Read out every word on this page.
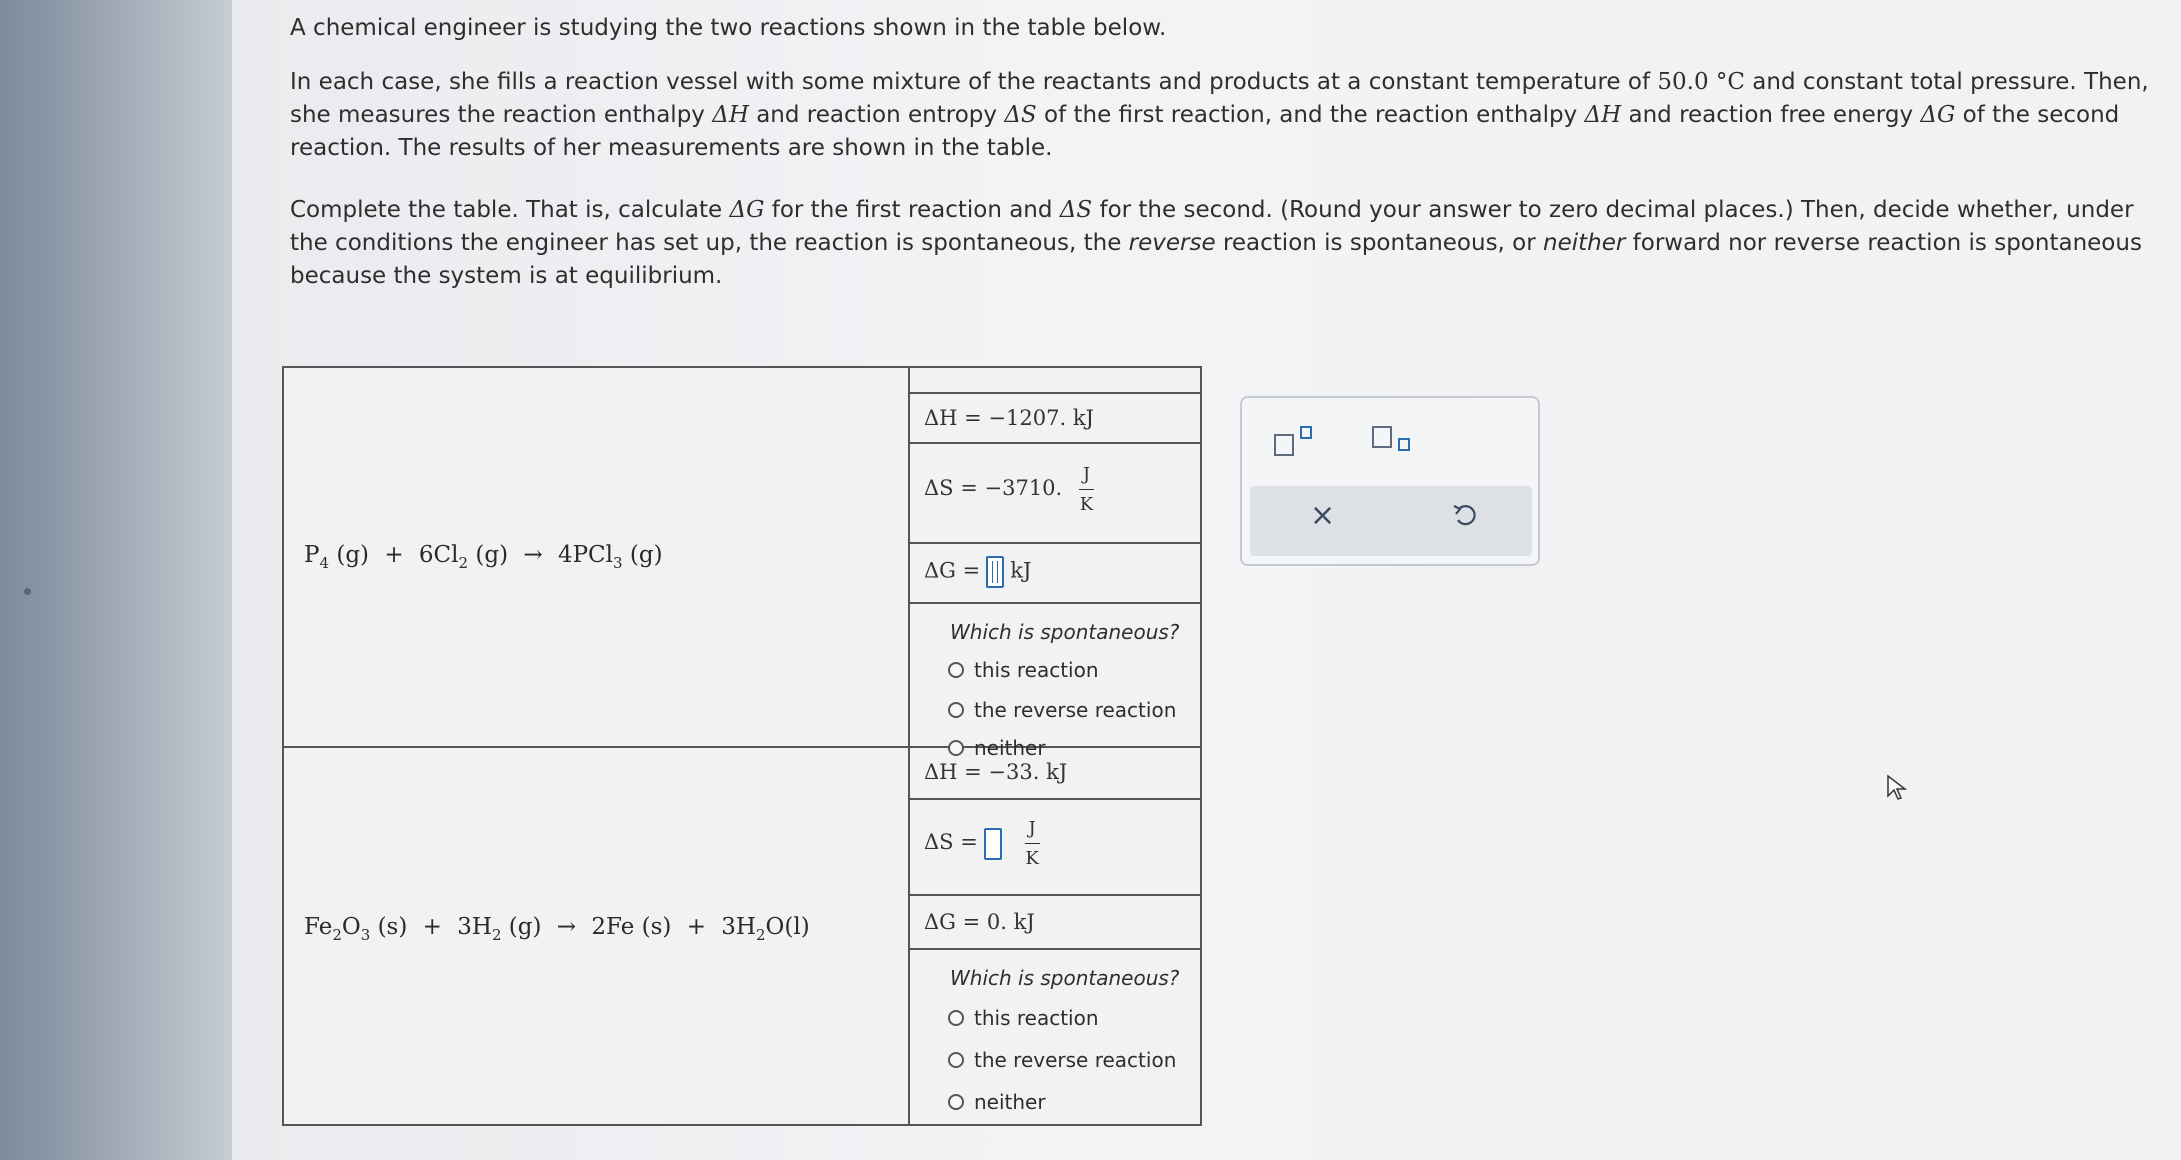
A chemical engineer is studying the two reactions shown in the table below.
In each case, she fills a reaction vessel with some mixture of the reactants and products at a constant temperature of 50.0 °C and constant total pressure. Then, she measures the reaction enthalpy ΔH and reaction entropy ΔS of the first reaction, and the reaction enthalpy ΔH and reaction free energy ΔG of the second reaction. The results of her measurements are shown in the table.
Complete the table. That is, calculate ΔG for the first reaction and ΔS for the second. (Round your answer to zero decimal places.) Then, decide whether, under the conditions the engineer has set up, the reaction is spontaneous, the reverse reaction is spontaneous, or neither forward nor reverse reaction is spontaneous because the system is at equilibrium.
$P_4$ $(g) + 6Cl_2$ (g) → 4PCl$_3$ (g)
ΔH = −1207. kJ
ΔS = −3710. $\frac{J}{K}$
ΔG = kJ
Which is spontaneous?
this reaction
the reverse reaction
neither
$Fe_2O_3$ $(s) + 3H_2$ (g) → 2Fe $(s) + 3H_2O(l)$
ΔH = −33. kJ
ΔS =	$\frac{J}{K}$
ΔG = 0. kJ
Which is spontaneous?
this reaction
the reverse reaction
neither
×
